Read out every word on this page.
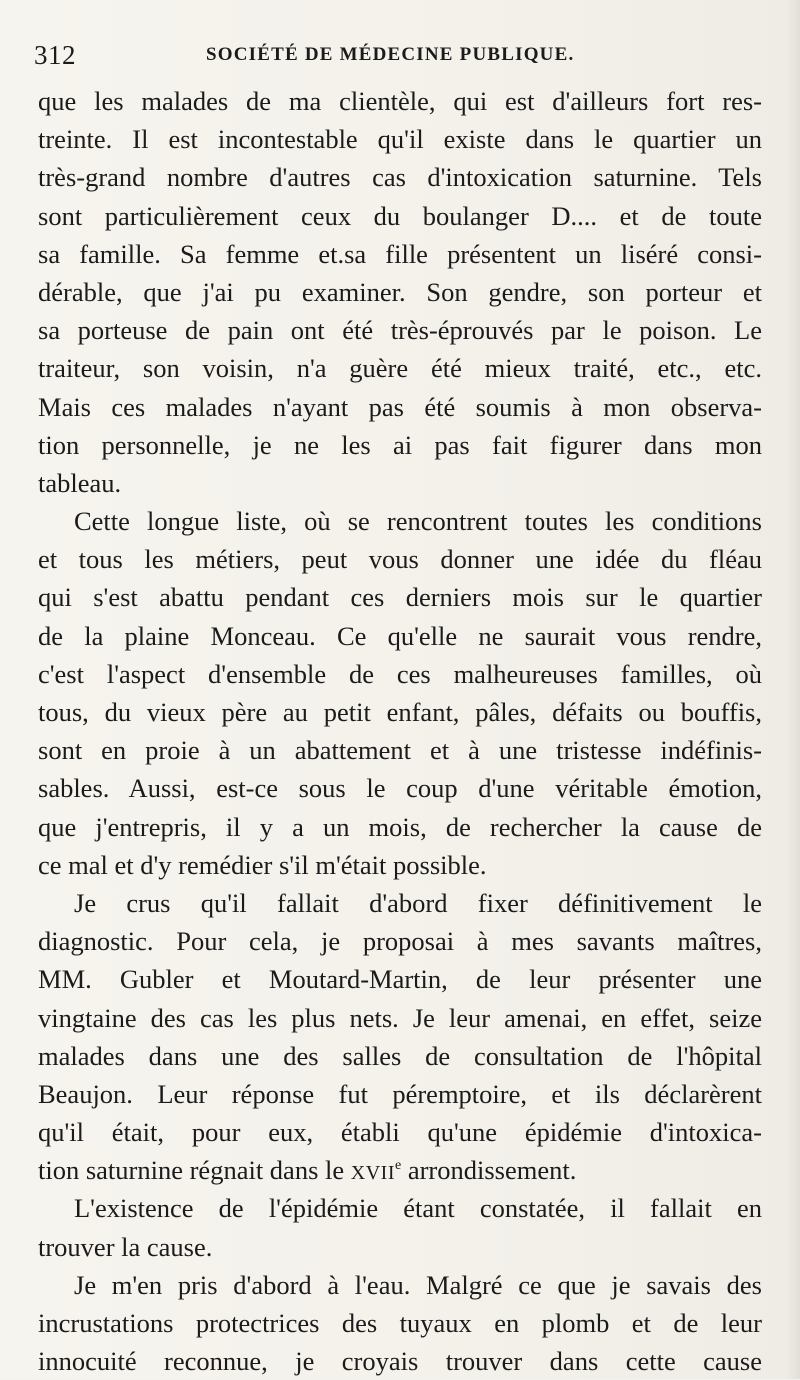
312	SOCIÉTÉ DE MÉDECINE PUBLIQUE.
que les malades de ma clientèle, qui est d'ailleurs fort res-
treinte. Il est incontestable qu'il existe dans le quartier un
très-grand nombre d'autres cas d'intoxication saturnine. Tels
sont particulièrement ceux du boulanger D.... et de toute
sa famille. Sa femme et.sa fille présentent un liséré consi-
dérable, que j'ai pu examiner. Son gendre, son porteur et
sa porteuse de pain ont été très-éprouvés par le poison. Le
traiteur, son voisin, n'a guère été mieux traité, etc., etc.
Mais ces malades n'ayant pas été soumis à mon observa-
tion personnelle, je ne les ai pas fait figurer dans mon
tableau.
Cette longue liste, où se rencontrent toutes les conditions
et tous les métiers, peut vous donner une idée du fléau
qui s'est abattu pendant ces derniers mois sur le quartier
de la plaine Monceau. Ce qu'elle ne saurait vous rendre,
c'est l'aspect d'ensemble de ces malheureuses familles, où
tous, du vieux père au petit enfant, pâles, défaits ou bouffis,
sont en proie à un abattement et à une tristesse indéfinis-
sables. Aussi, est-ce sous le coup d'une véritable émotion,
que j'entrepris, il y a un mois, de rechercher la cause de
ce mal et d'y remédier s'il m'était possible.
Je crus qu'il fallait d'abord fixer définitivement le
diagnostic. Pour cela, je proposai à mes savants maîtres,
MM. Gubler et Moutard-Martin, de leur présenter une
vingtaine des cas les plus nets. Je leur amenai, en effet, seize
malades dans une des salles de consultation de l'hôpital
Beaujon. Leur réponse fut péremptoire, et ils déclarèrent
qu'il était, pour eux, établi qu'une épidémie d'intoxica-
tion saturnine régnait dans le XVIIe arrondissement.
L'existence de l'épidémie étant constatée, il fallait en
trouver la cause.
Je m'en pris d'abord à l'eau. Malgré ce que je savais des
incrustations protectrices des tuyaux en plomb et de leur
innocuité reconnue, je croyais trouver dans cette cause
